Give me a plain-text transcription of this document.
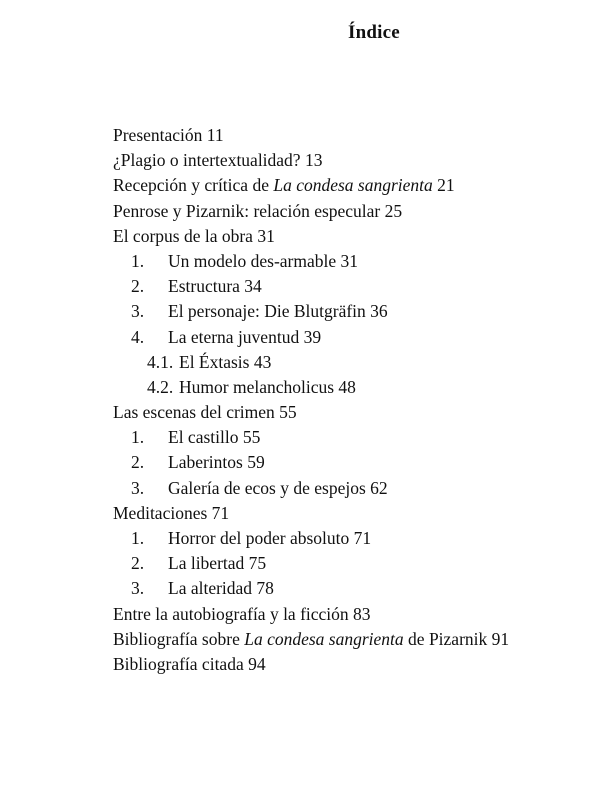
Índice
Presentación 11
¿Plagio o intertextualidad? 13
Recepción y crítica de La condesa sangrienta 21
Penrose y Pizarnik: relación especular 25
El corpus de la obra 31
1. Un modelo des-armable 31
2. Estructura 34
3. El personaje: Die Blutgräfin 36
4. La eterna juventud 39
4.1. El Éxtasis 43
4.2. Humor melancholicus 48
Las escenas del crimen 55
1. El castillo 55
2. Laberintos 59
3. Galería de ecos y de espejos 62
Meditaciones 71
1. Horror del poder absoluto 71
2. La libertad 75
3. La alteridad 78
Entre la autobiografía y la ficción 83
Bibliografía sobre La condesa sangrienta de Pizarnik 91
Bibliografía citada 94
